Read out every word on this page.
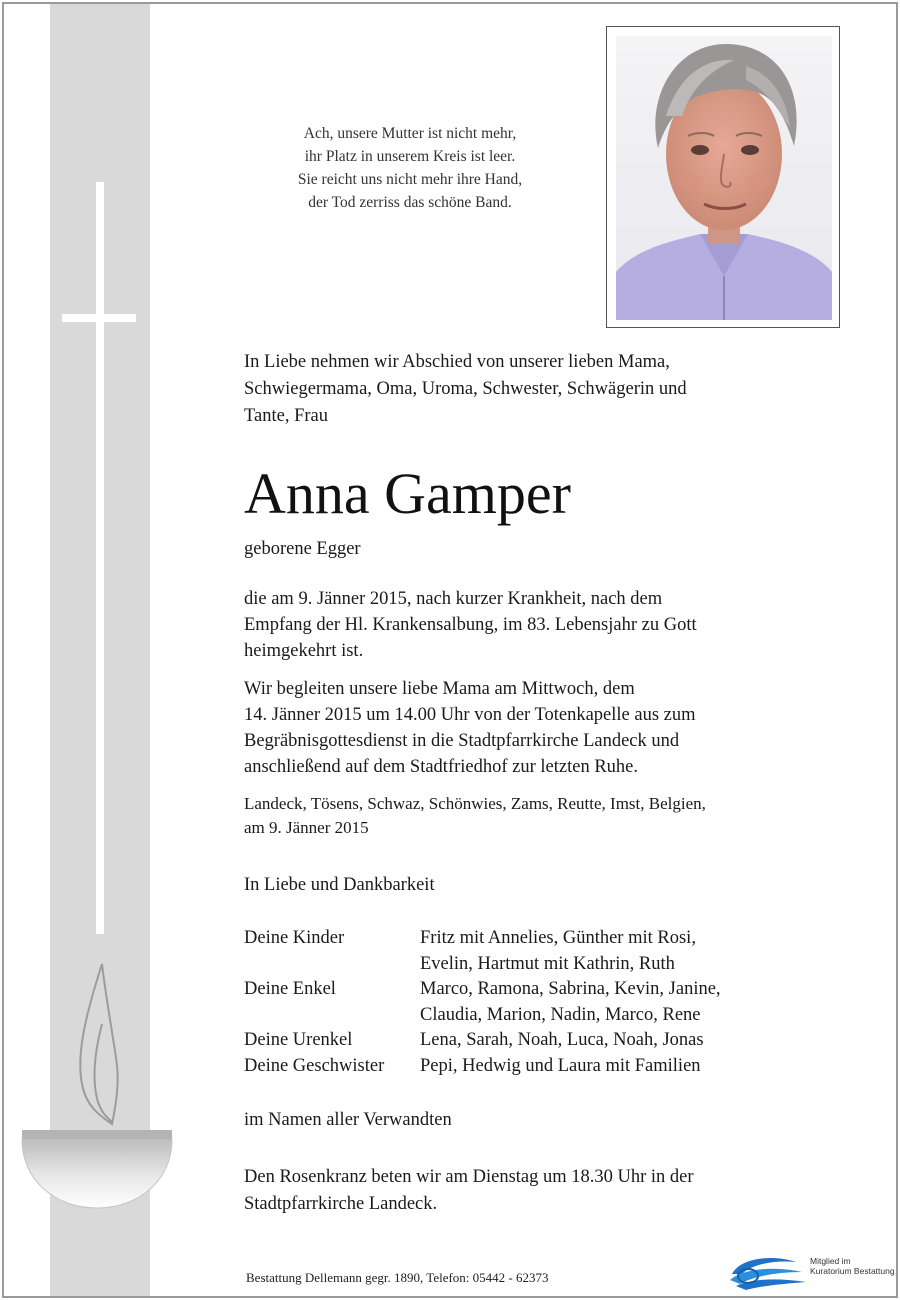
Ach, unsere Mutter ist nicht mehr,
ihr Platz in unserem Kreis ist leer.
Sie reicht uns nicht mehr ihre Hand,
der Tod zerriss das schöne Band.
In Liebe nehmen wir Abschied von unserer lieben Mama,
Schwiegermama, Oma, Uroma, Schwester, Schwägerin und
Tante, Frau
Anna Gamper
geborene Egger
die am 9. Jänner 2015, nach kurzer Krankheit, nach dem
Empfang der Hl. Krankensalbung, im 83. Lebensjahr zu Gott
heimgekehrt ist.
Wir begleiten unsere liebe Mama am Mittwoch, dem
14. Jänner 2015 um 14.00 Uhr von der Totenkapelle aus zum
Begräbnisgottesdienst in die Stadtpfarrkirche Landeck und
anschließend auf dem Stadtfriedhof zur letzten Ruhe.
Landeck, Tösens, Schwaz, Schönwies, Zams, Reutte, Imst, Belgien,
am 9. Jänner 2015
In Liebe und Dankbarkeit
Deine Kinder	Fritz mit Annelies, Günther mit Rosi,
Evelin, Hartmut mit Kathrin, Ruth
Deine Enkel	Marco, Ramona, Sabrina, Kevin, Janine,
Claudia, Marion, Nadin, Marco, Rene
Deine Urenkel	Lena, Sarah, Noah, Luca, Noah, Jonas
Deine Geschwister	Pepi, Hedwig und Laura mit Familien
im Namen aller Verwandten
Den Rosenkranz beten wir am Dienstag um 18.30 Uhr in der
Stadtpfarrkirche Landeck.
Bestattung Dellemann gegr. 1890, Telefon: 05442 - 62373
Mitglied im
Kuratorium Bestattung
